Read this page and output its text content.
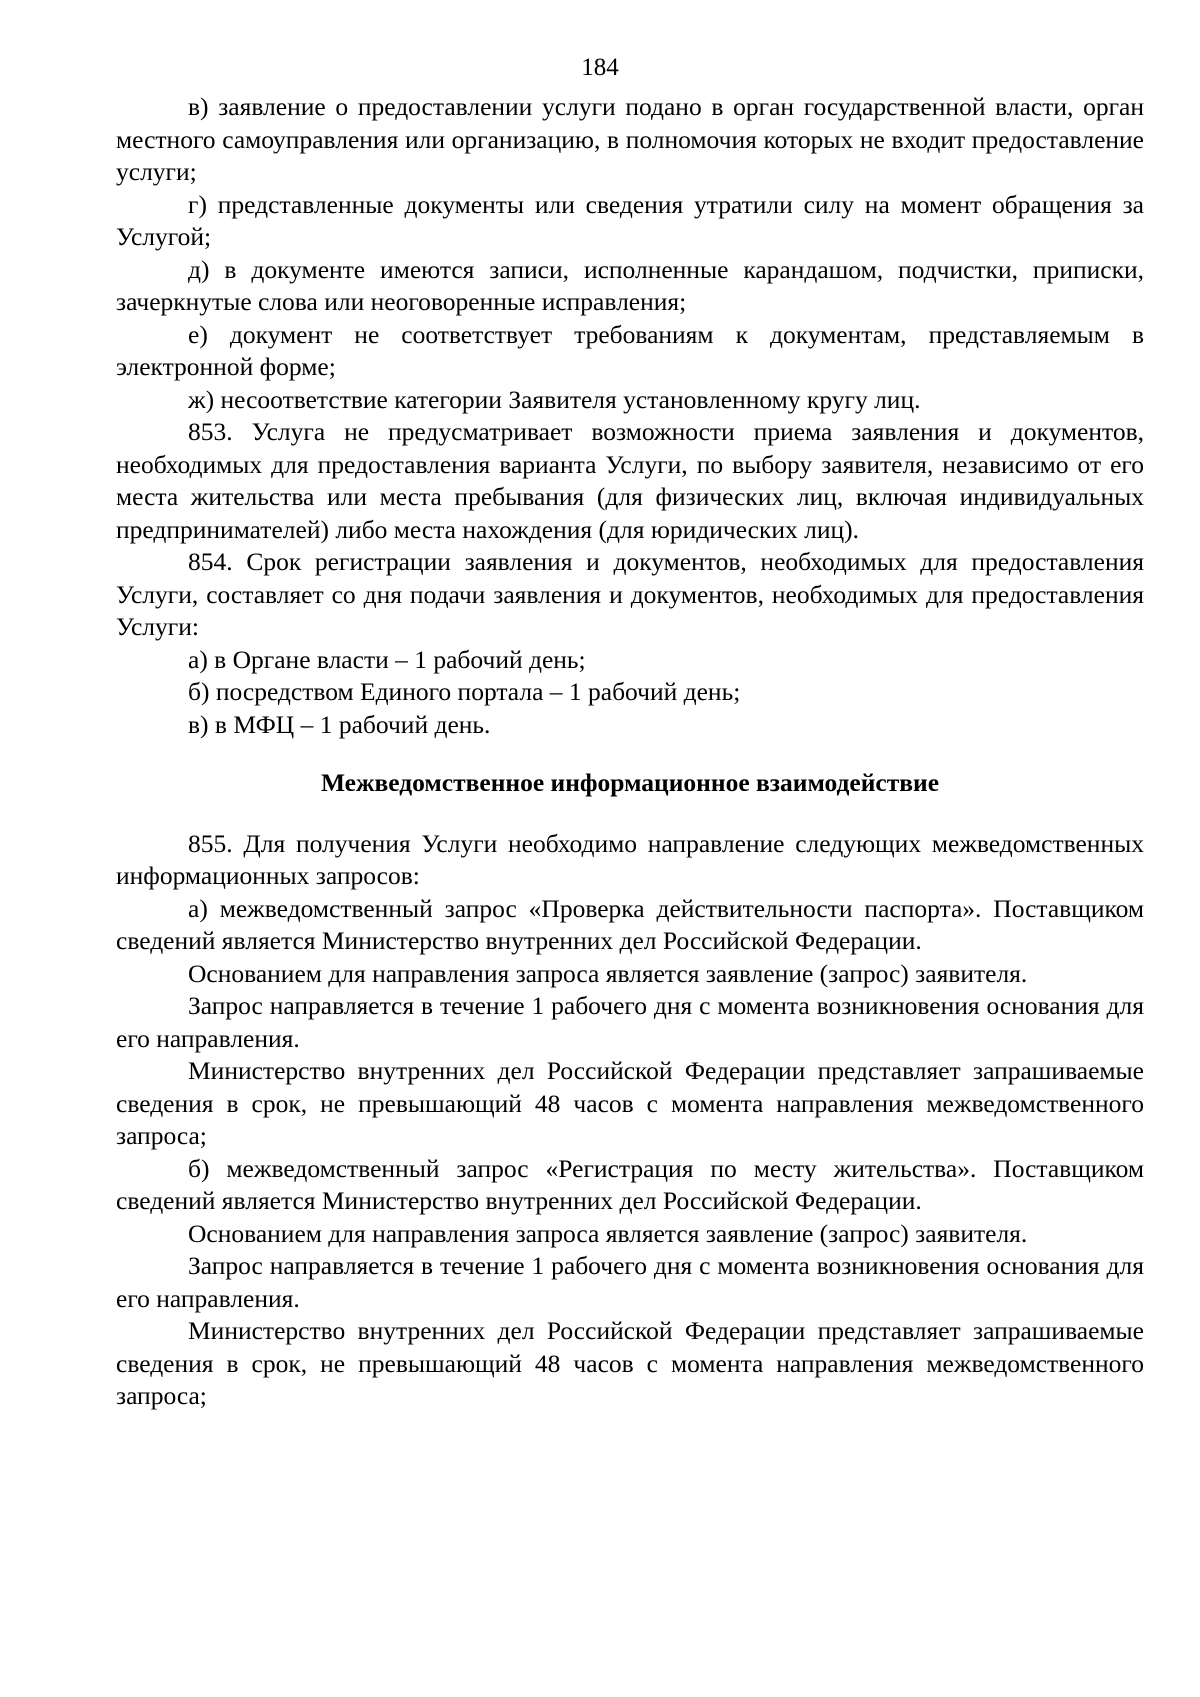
184

в) заявление о предоставлении услуги подано в орган государственной власти, орган местного самоуправления или организацию, в полномочия которых не входит предоставление услуги;

г) представленные документы или сведения утратили силу на момент обращения за Услугой;

д) в документе имеются записи, исполненные карандашом, подчистки, приписки, зачеркнутые слова или неоговоренные исправления;

е) документ не соответствует требованиям к документам, представляемым в электронной форме;

ж) несоответствие категории Заявителя установленному кругу лиц.

853. Услуга не предусматривает возможности приема заявления и документов, необходимых для предоставления варианта Услуги, по выбору заявителя, независимо от его места жительства или места пребывания (для физических лиц, включая индивидуальных предпринимателей) либо места нахождения (для юридических лиц).

854. Срок регистрации заявления и документов, необходимых для предоставления Услуги, составляет со дня подачи заявления и документов, необходимых для предоставления Услуги:

а) в Органе власти – 1 рабочий день;

б) посредством Единого портала – 1 рабочий день;

в) в МФЦ – 1 рабочий день.

Межведомственное информационное взаимодействие

855. Для получения Услуги необходимо направление следующих межведомственных информационных запросов:

а) межведомственный запрос «Проверка действительности паспорта». Поставщиком сведений является Министерство внутренних дел Российской Федерации.

Основанием для направления запроса является заявление (запрос) заявителя.

Запрос направляется в течение 1 рабочего дня с момента возникновения основания для его направления.

Министерство внутренних дел Российской Федерации представляет запрашиваемые сведения в срок, не превышающий 48 часов с момента направления межведомственного запроса;

б) межведомственный запрос «Регистрация по месту жительства». Поставщиком сведений является Министерство внутренних дел Российской Федерации.

Основанием для направления запроса является заявление (запрос) заявителя.

Запрос направляется в течение 1 рабочего дня с момента возникновения основания для его направления.

Министерство внутренних дел Российской Федерации представляет запрашиваемые сведения в срок, не превышающий 48 часов с момента направления межведомственного запроса;
